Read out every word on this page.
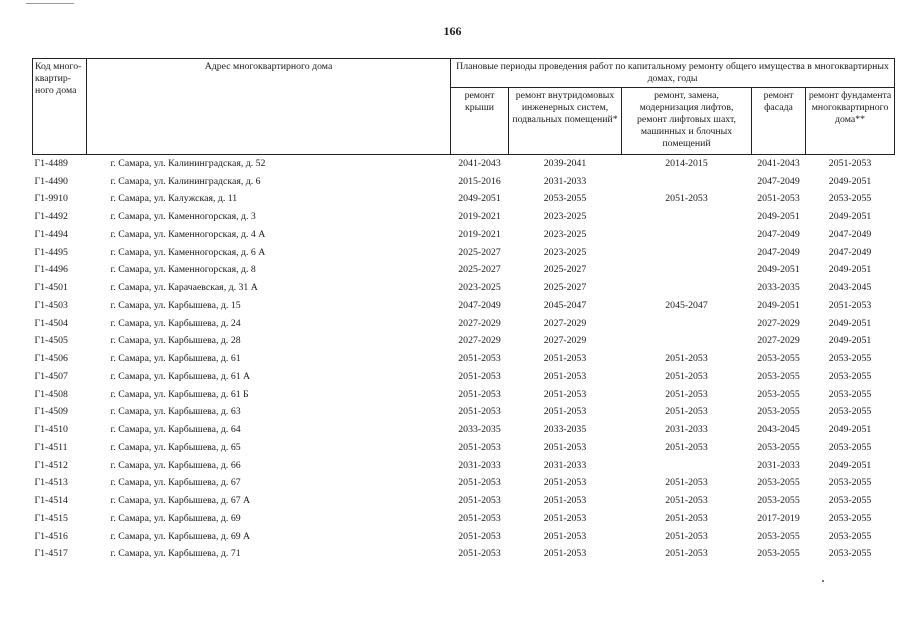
166
Код много-квартир-ного дома	Адрес многоквартирного дома	Плановые периоды проведения работ по капитальному ремонту общего имущества в многоквартирных домах, годы				
		ремонт крыши	ремонт внутридомовых инженерных систем, подвальных помещений*	ремонт, замена, модернизация лифтов, ремонт лифтовых шахт, машинных и блочных помещений	ремонт фасада	ремонт фундамента многоквартирного дома**
Г1-4489	г. Самара, ул. Калининградская, д. 52	2041-2043	2039-2041	2014-2015	2041-2043	2051-2053
Г1-4490	г. Самара, ул. Калининградская, д. 6	2015-2016	2031-2033		2047-2049	2049-2051
Г1-9910	г. Самара, ул. Калужская, д. 11	2049-2051	2053-2055	2051-2053	2051-2053	2053-2055
Г1-4492	г. Самара, ул. Каменногорская, д. 3	2019-2021	2023-2025		2049-2051	2049-2051
Г1-4494	г. Самара, ул. Каменногорская, д. 4 А	2019-2021	2023-2025		2047-2049	2047-2049
Г1-4495	г. Самара, ул. Каменногорская, д. 6 А	2025-2027	2023-2025		2047-2049	2047-2049
Г1-4496	г. Самара, ул. Каменногорская, д. 8	2025-2027	2025-2027		2049-2051	2049-2051
Г1-4501	г. Самара, ул. Карачаевская, д. 31 А	2023-2025	2025-2027		2033-2035	2043-2045
Г1-4503	г. Самара, ул. Карбышева, д. 15	2047-2049	2045-2047	2045-2047	2049-2051	2051-2053
Г1-4504	г. Самара, ул. Карбышева, д. 24	2027-2029	2027-2029		2027-2029	2049-2051
Г1-4505	г. Самара, ул. Карбышева, д. 28	2027-2029	2027-2029		2027-2029	2049-2051
Г1-4506	г. Самара, ул. Карбышева, д. 61	2051-2053	2051-2053	2051-2053	2053-2055	2053-2055
Г1-4507	г. Самара, ул. Карбышева, д. 61 А	2051-2053	2051-2053	2051-2053	2053-2055	2053-2055
Г1-4508	г. Самара, ул. Карбышева, д. 61 Б	2051-2053	2051-2053	2051-2053	2053-2055	2053-2055
Г1-4509	г. Самара, ул. Карбышева, д. 63	2051-2053	2051-2053	2051-2053	2053-2055	2053-2055
Г1-4510	г. Самара, ул. Карбышева, д. 64	2033-2035	2033-2035	2031-2033	2043-2045	2049-2051
Г1-4511	г. Самара, ул. Карбышева, д. 65	2051-2053	2051-2053	2051-2053	2053-2055	2053-2055
Г1-4512	г. Самара, ул. Карбышева, д. 66	2031-2033	2031-2033		2031-2033	2049-2051
Г1-4513	г. Самара, ул. Карбышева, д. 67	2051-2053	2051-2053	2051-2053	2053-2055	2053-2055
Г1-4514	г. Самара, ул. Карбышева, д. 67 А	2051-2053	2051-2053	2051-2053	2053-2055	2053-2055
Г1-4515	г. Самара, ул. Карбышева, д. 69	2051-2053	2051-2053	2051-2053	2017-2019	2053-2055
Г1-4516	г. Самара, ул. Карбышева, д. 69 А	2051-2053	2051-2053	2051-2053	2053-2055	2053-2055
Г1-4517	г. Самара, ул. Карбышева, д. 71	2051-2053	2051-2053	2051-2053	2053-2055	2053-2055
